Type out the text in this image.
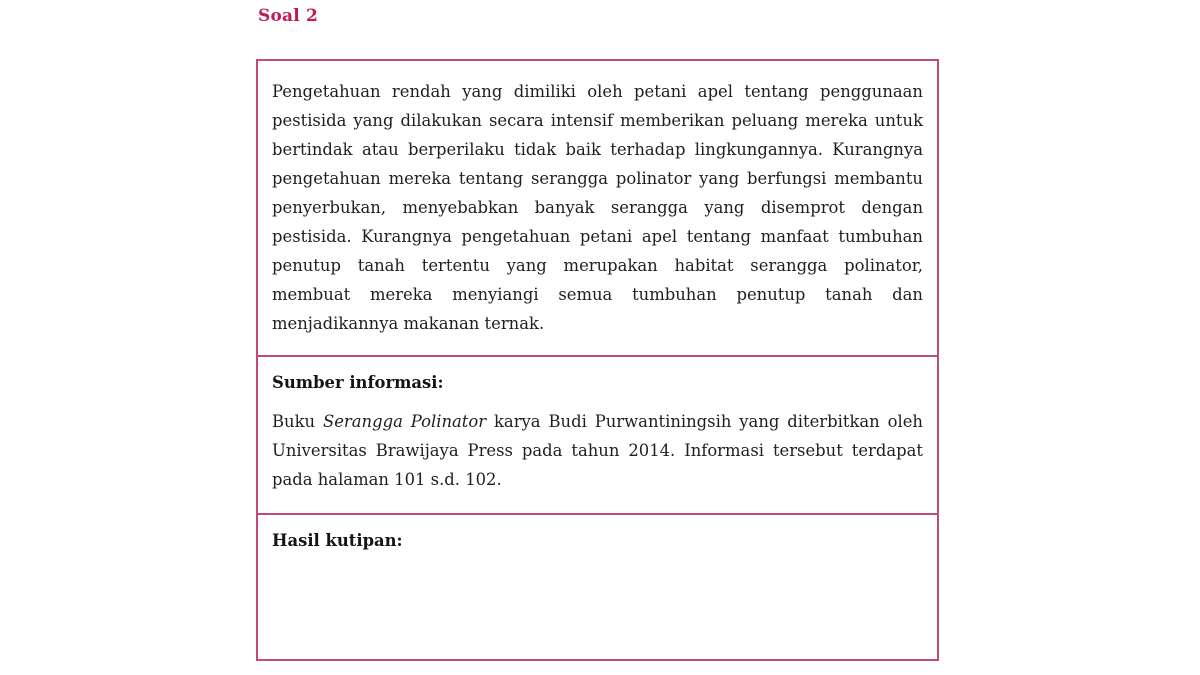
Soal 2

Pengetahuan rendah yang dimiliki oleh petani apel tentang penggunaan pestisida yang dilakukan secara intensif memberikan peluang mereka untuk bertindak atau berperilaku tidak baik terhadap lingkungannya. Kurangnya pengetahuan mereka tentang serangga polinator yang berfungsi membantu penyerbukan, menyebabkan banyak serangga yang disemprot dengan pestisida. Kurangnya pengetahuan petani apel tentang manfaat tumbuhan penutup tanah tertentu yang merupakan habitat serangga polinator, membuat mereka menyiangi semua tumbuhan penutup tanah dan menjadikannya makanan ternak.

Sumber informasi:

Buku Serangga Polinator karya Budi Purwantiningsih yang diterbitkan oleh Universitas Brawijaya Press pada tahun 2014. Informasi tersebut terdapat pada halaman 101 s.d. 102.

Hasil kutipan:
